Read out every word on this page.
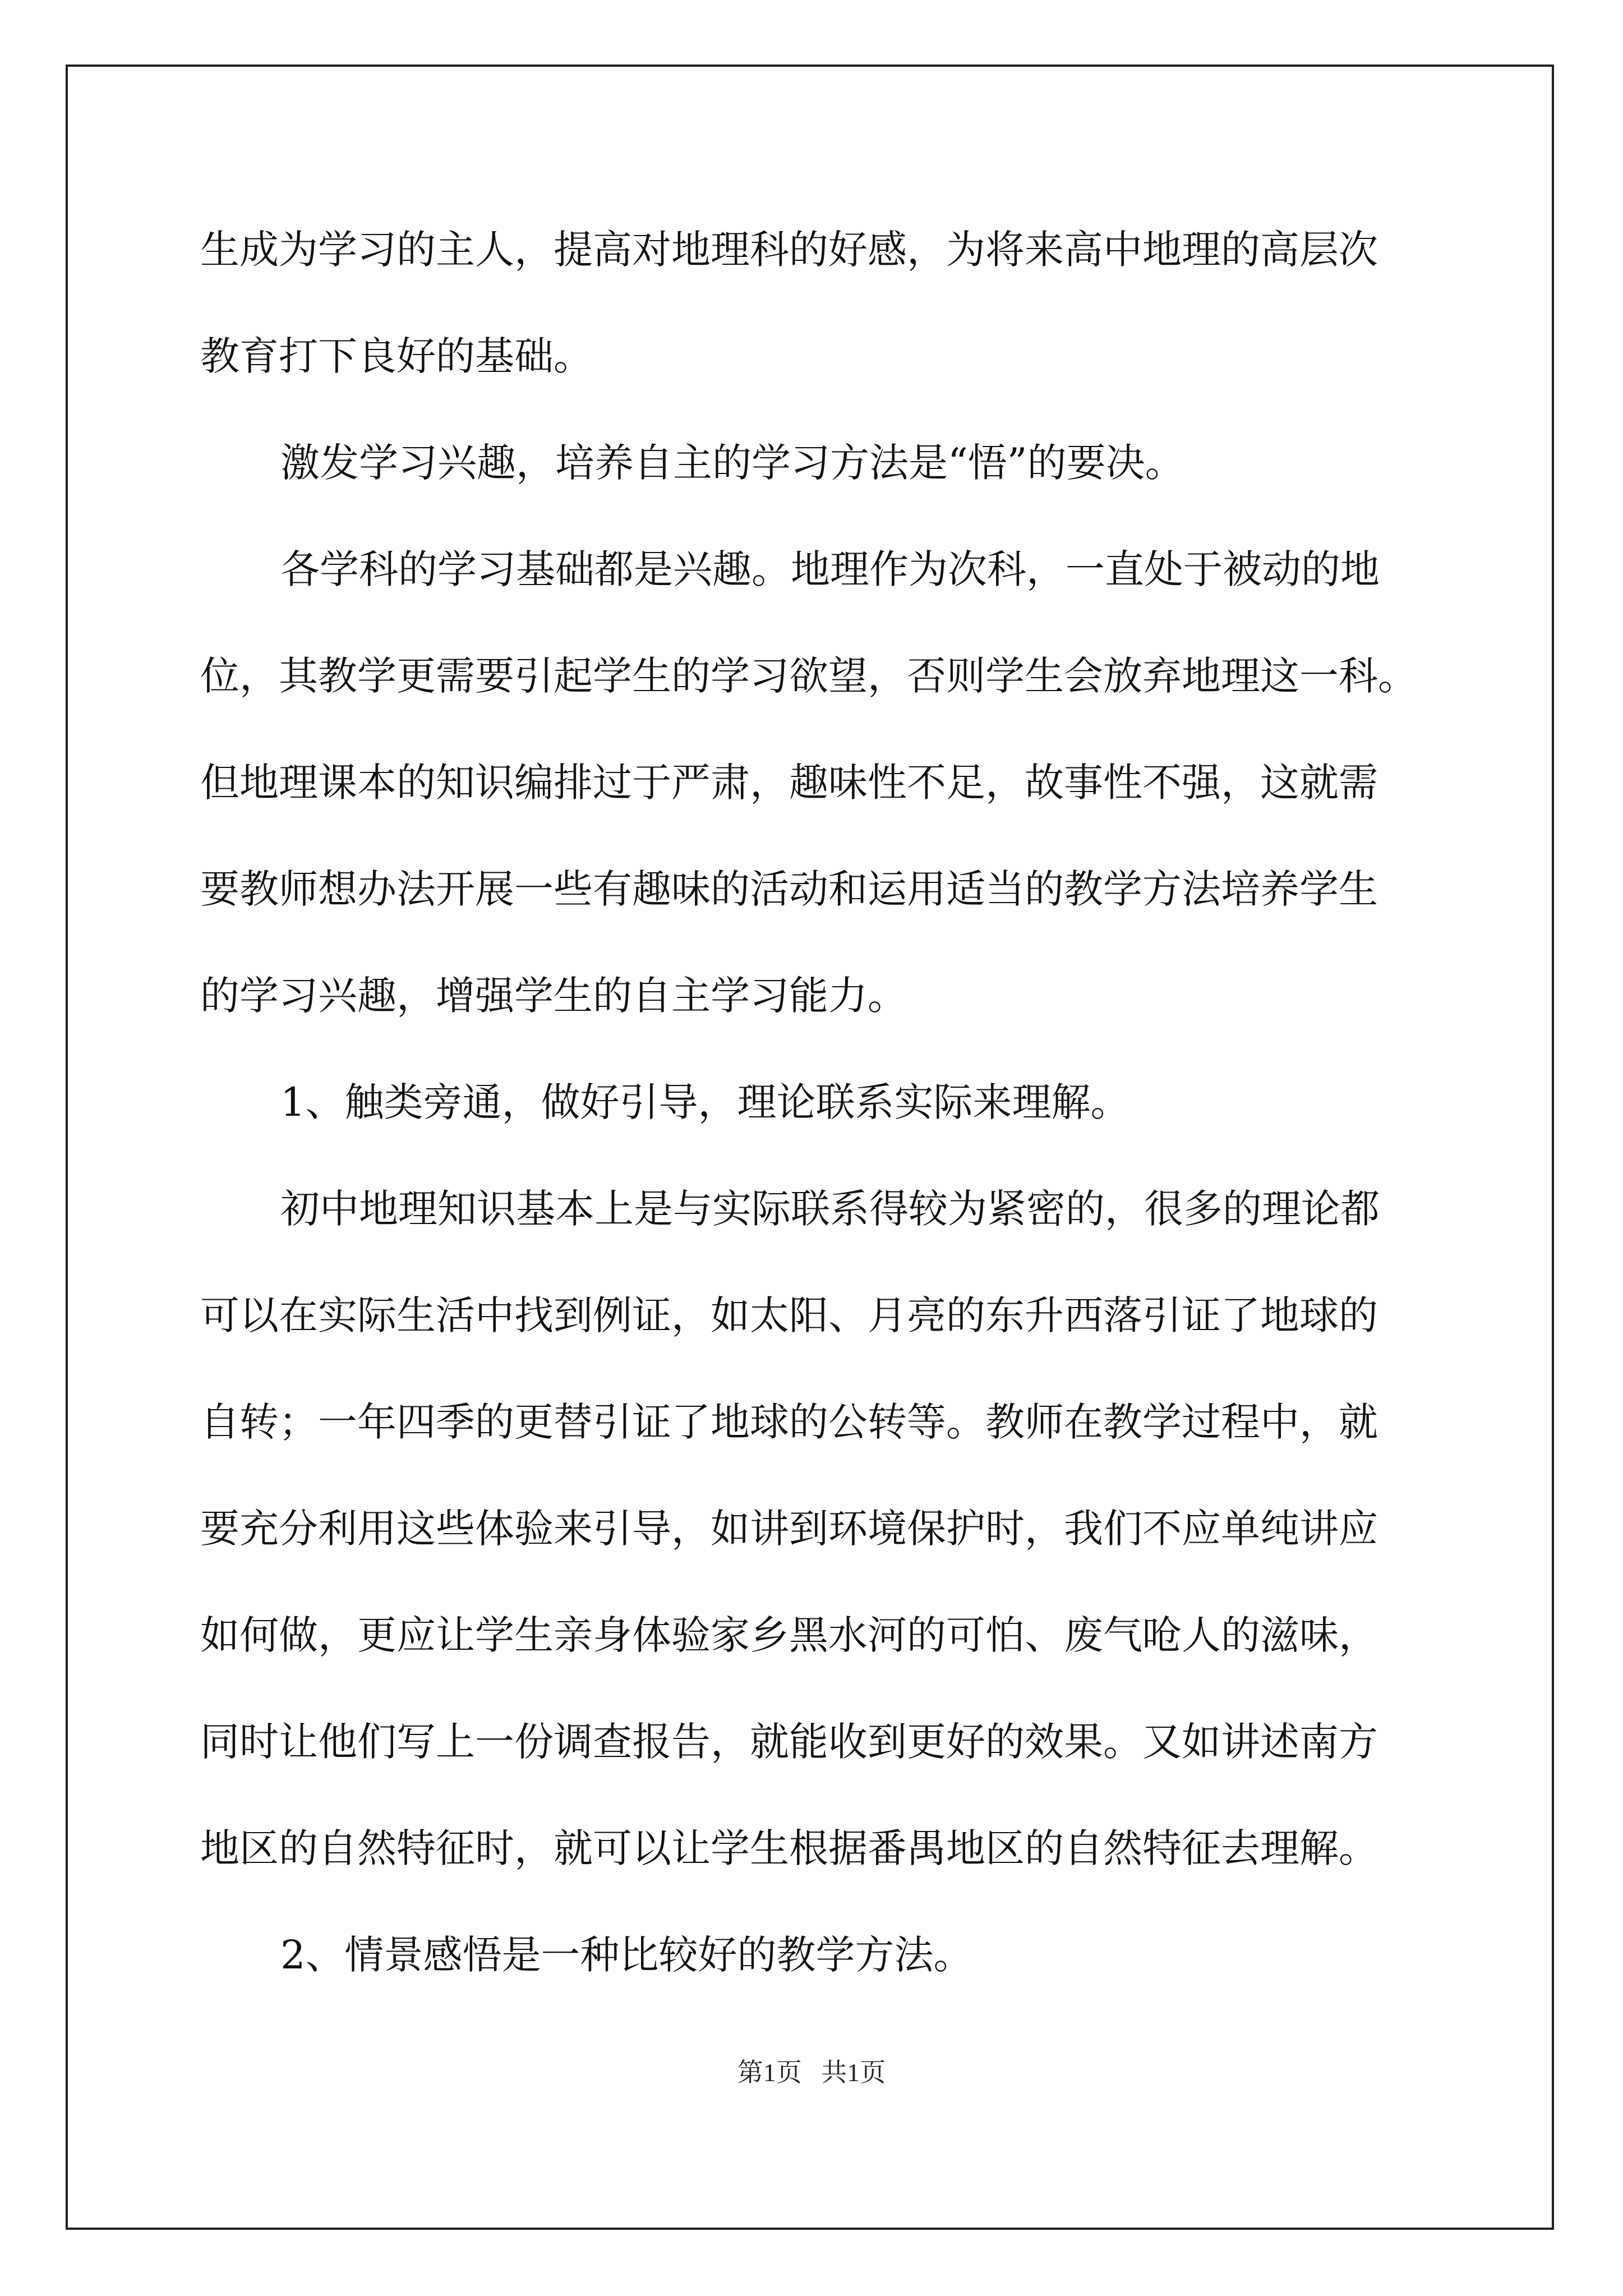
生成为学习的主人，提高对地理科的好感，为将来高中地理的高层次
教育打下良好的基础。
激发学习兴趣，培养自主的学习方法是“悟”的要决。
各学科的学习基础都是兴趣。地理作为次科，一直处于被动的地
位，其教学更需要引起学生的学习欲望，否则学生会放弃地理这一科。
但地理课本的知识编排过于严肃，趣味性不足，故事性不强，这就需
要教师想办法开展一些有趣味的活动和运用适当的教学方法培养学生
的学习兴趣，增强学生的自主学习能力。
1、触类旁通，做好引导，理论联系实际来理解。
初中地理知识基本上是与实际联系得较为紧密的，很多的理论都
可以在实际生活中找到例证，如太阳、月亮的东升西落引证了地球的
自转；一年四季的更替引证了地球的公转等。教师在教学过程中，就
要充分利用这些体验来引导，如讲到环境保护时，我们不应单纯讲应
如何做，更应让学生亲身体验家乡黑水河的可怕、废气呛人的滋味，
同时让他们写上一份调查报告，就能收到更好的效果。又如讲述南方
地区的自然特征时，就可以让学生根据番禺地区的自然特征去理解。
2、情景感悟是一种比较好的教学方法。
第1页   共1页
